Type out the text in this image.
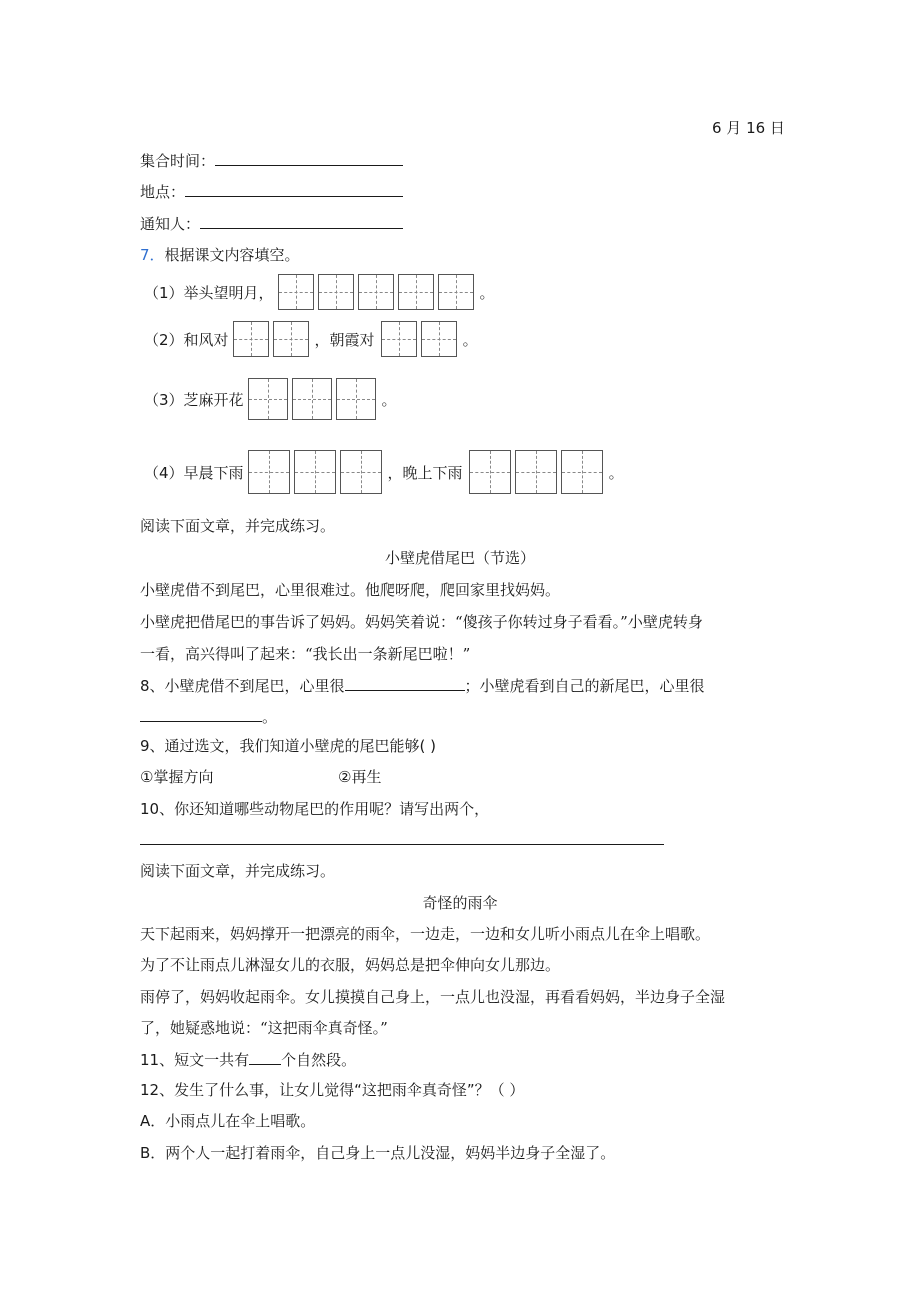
6 月 16 日
集合时间：
地点：
通知人：
7．根据课文内容填空。
（1）举头望明月，	。
（2）和风对	，朝霞对	。
（3）芝麻开花	。
（4）早晨下雨	，晚上下雨	。
阅读下面文章，并完成练习。
小壁虎借尾巴（节选）
小壁虎借不到尾巴，心里很难过。他爬呀爬，爬回家里找妈妈。
小壁虎把借尾巴的事告诉了妈妈。妈妈笑着说：“傻孩子你转过身子看看。”小壁虎转身
一看，高兴得叫了起来：“我长出一条新尾巴啦！”
8、小壁虎借不到尾巴，心里很	；小壁虎看到自己的新尾巴，心里很
。
9、通过选文，我们知道小壁虎的尾巴能够( )
①掌握方向	②再生
10、你还知道哪些动物尾巴的作用呢？请写出两个，
阅读下面文章，并完成练习。
奇怪的雨伞
天下起雨来，妈妈撑开一把漂亮的雨伞，一边走，一边和女儿听小雨点儿在伞上唱歌。
为了不让雨点儿淋湿女儿的衣服，妈妈总是把伞伸向女儿那边。
雨停了，妈妈收起雨伞。女儿摸摸自己身上，一点儿也没湿，再看看妈妈，半边身子全湿
了，她疑惑地说：“这把雨伞真奇怪。”
11、短文一共有 个自然段。
12、发生了什么事，让女儿觉得“这把雨伞真奇怪”？（ ）
A．小雨点儿在伞上唱歌。
B．两个人一起打着雨伞，自己身上一点儿没湿，妈妈半边身子全湿了。
